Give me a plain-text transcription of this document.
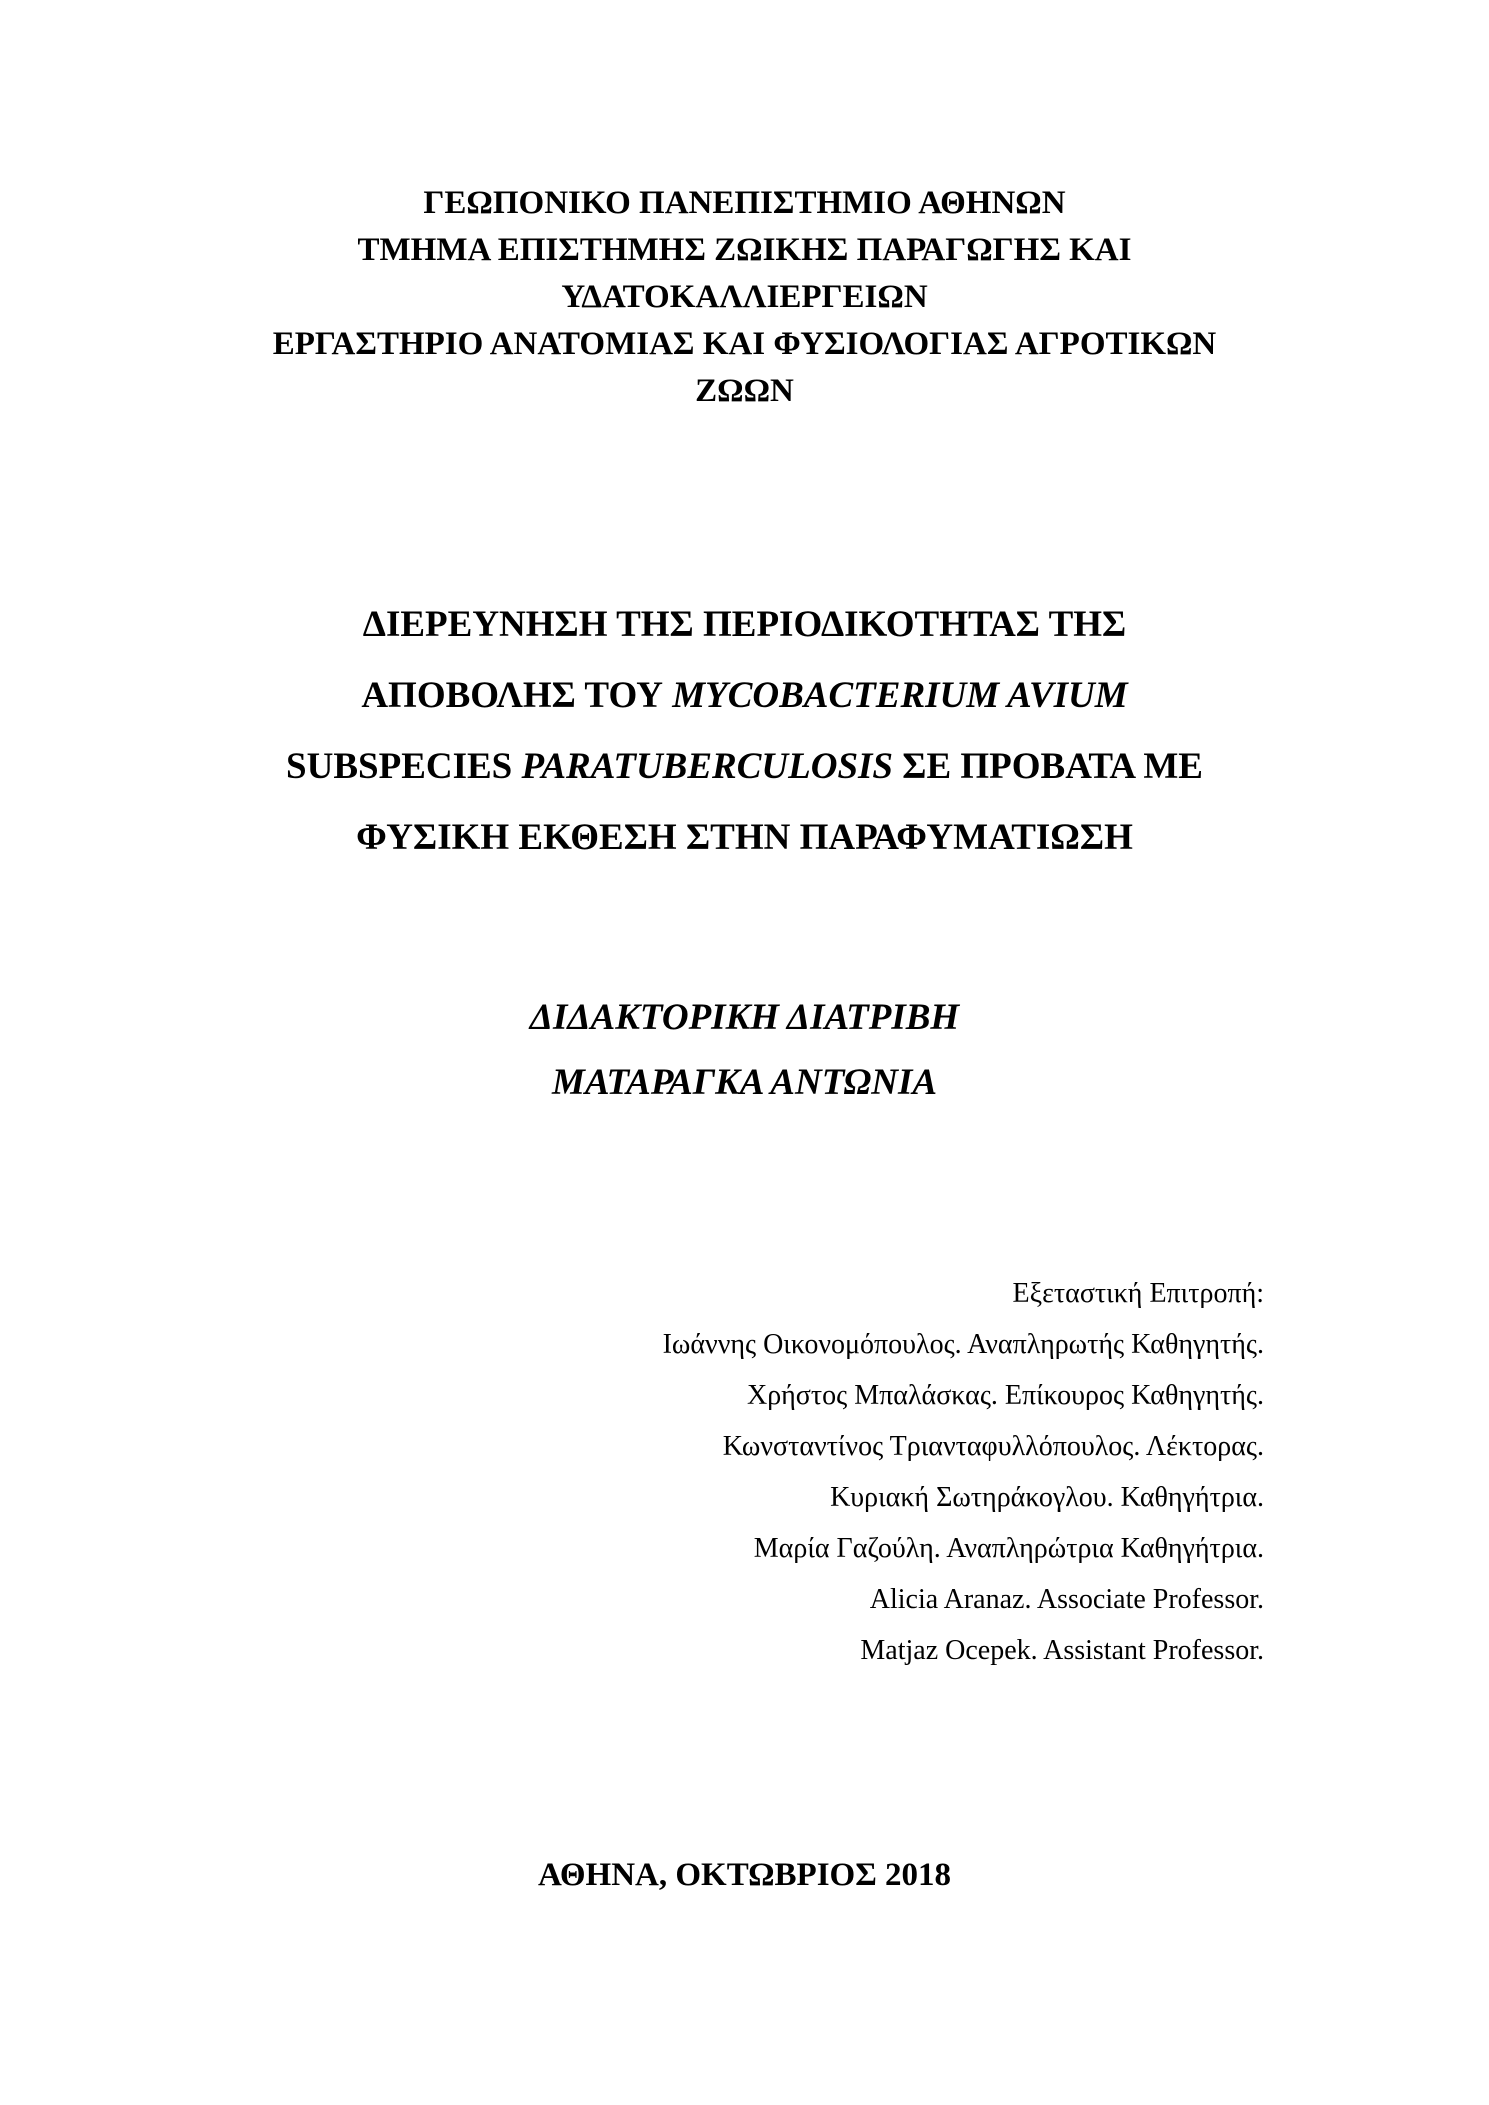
ΓΕΩΠΟΝΙΚΟ ΠΑΝΕΠΙΣΤΗΜΙΟ ΑΘΗΝΩΝ
ΤΜΗΜΑ ΕΠΙΣΤΗΜΗΣ ΖΩΙΚΗΣ ΠΑΡΑΓΩΓΗΣ ΚΑΙ
ΥΔΑΤΟΚΑΛΛΙΕΡΓΕΙΩΝ
ΕΡΓΑΣΤΗΡΙΟ ΑΝΑΤΟΜΙΑΣ ΚΑΙ ΦΥΣΙΟΛΟΓΙΑΣ ΑΓΡΟΤΙΚΩΝ
ΖΩΩΝ
ΔΙΕΡΕΥΝΗΣΗ ΤΗΣ ΠΕΡΙΟΔΙΚΟΤΗΤΑΣ ΤΗΣ
ΑΠΟΒΟΛΗΣ ΤΟΥ MYCOBACTERIUM AVIUM
SUBSPECIES PARATUBERCULOSIS ΣΕ ΠΡΟΒΑΤΑ ΜΕ
ΦΥΣΙΚΗ ΕΚΘΕΣΗ ΣΤΗΝ ΠΑΡΑΦΥΜΑΤΙΩΣΗ
ΔΙΔΑΚΤΟΡΙΚΗ ΔΙΑΤΡΙΒΗ
ΜΑΤΑΡΑΓΚΑ ΑΝΤΩΝΙΑ
Εξεταστική Επιτροπή:
Ιωάννης Οικονομόπουλος. Αναπληρωτής Καθηγητής.
Χρήστος Μπαλάσκας. Επίκουρος Καθηγητής.
Κωνσταντίνος Τριανταφυλλόπουλος. Λέκτορας.
Κυριακή Σωτηράκογλου. Καθηγήτρια.
Μαρία Γαζούλη. Αναπληρώτρια Καθηγήτρια.
Alicia Aranaz. Associate Professor.
Matjaz Ocepek. Assistant Professor.
ΑΘΗΝΑ, ΟΚΤΩΒΡΙΟΣ 2018
